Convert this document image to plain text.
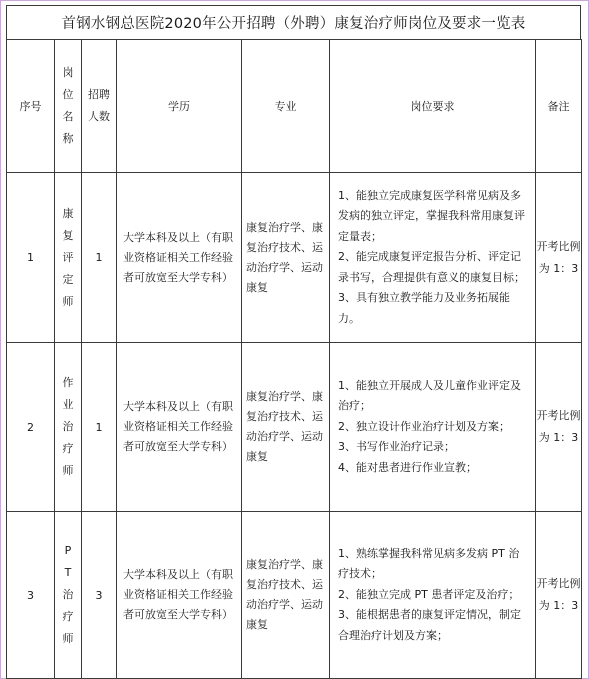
首钢水钢总医院2020年公开招聘（外聘）康复治疗师岗位及要求一览表
序号	岗位名称	招聘人数	学历	专业	岗位要求	备注
1	康复评定师	1	大学本科及以上（有职业资格证相关工作经验者可放宽至大学专科）	康复治疗学、康复治疗技术、运动治疗学、运动康复	1、能独立完成康复医学科常见病及多发病的独立评定，掌握我科常用康复评定量表；
2、能完成康复评定报告分析、评定记录书写，合理提供有意义的康复目标；
3、具有独立教学能力及业务拓展能力。	开考比例为 1：3
2	作业治疗师	1	大学本科及以上（有职业资格证相关工作经验者可放宽至大学专科）	康复治疗学、康复治疗技术、运动治疗学、运动康复	1、能独立开展成人及儿童作业评定及治疗；
2、独立设计作业治疗计划及方案；
3、书写作业治疗记录；
4、能对患者进行作业宣教；	开考比例为 1：3
3	PT治疗师	3	大学本科及以上（有职业资格证相关工作经验者可放宽至大学专科）	康复治疗学、康复治疗技术、运动治疗学、运动康复	1、熟练掌握我科常见病多发病 PT 治疗技术；
2、能独立完成 PT 患者评定及治疗；
3、能根据患者的康复评定情况，制定合理治疗计划及方案；	开考比例为 1：3
